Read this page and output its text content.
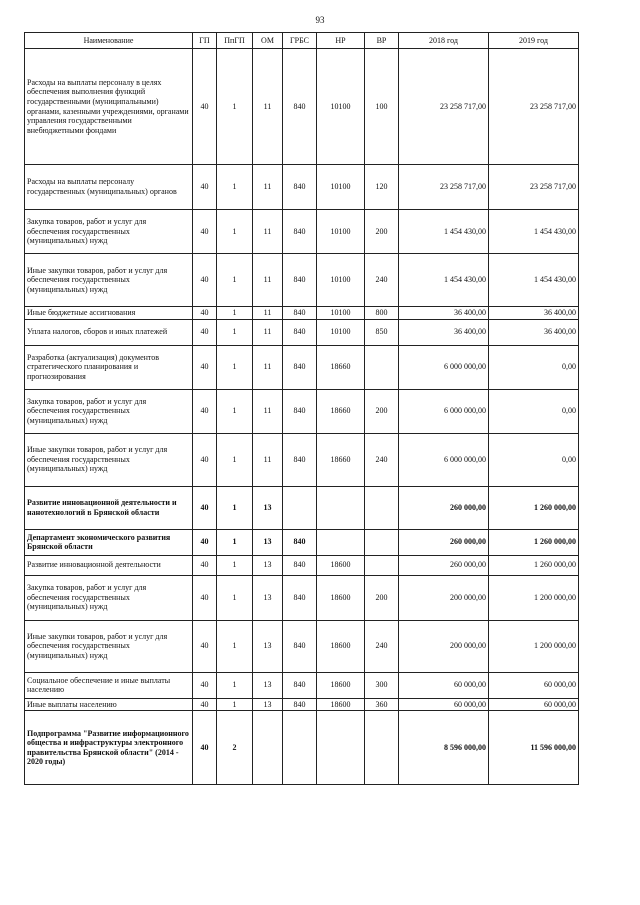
93
Наименование	ГП	ПпГП	ОМ	ГРБС	НР	ВР	2018 год	2019 год
Расходы на выплаты персоналу в целях обеспечения выполнения функций государственными (муниципальными) органами, казенными учреждениями, органами управления государственными внебюджетными фондами	40	1	11	840	10100	100	23 258 717,00	23 258 717,00
Расходы на выплаты персоналу государственных (муниципальных) органов	40	1	11	840	10100	120	23 258 717,00	23 258 717,00
Закупка товаров, работ и услуг для обеспечения государственных (муниципальных) нужд	40	1	11	840	10100	200	1 454 430,00	1 454 430,00
Иные закупки товаров, работ и услуг для обеспечения государственных (муниципальных) нужд	40	1	11	840	10100	240	1 454 430,00	1 454 430,00
Иные бюджетные ассигнования	40	1	11	840	10100	800	36 400,00	36 400,00
Уплата налогов, сборов и иных платежей	40	1	11	840	10100	850	36 400,00	36 400,00
Разработка (актуализация) документов стратегического планирования и прогнозирования	40	1	11	840	18660		6 000 000,00	0,00
Закупка товаров, работ и услуг для обеспечения государственных (муниципальных) нужд	40	1	11	840	18660	200	6 000 000,00	0,00
Иные закупки товаров, работ и услуг для обеспечения государственных (муниципальных) нужд	40	1	11	840	18660	240	6 000 000,00	0,00
Развитие инновационной деятельности и нанотехнологий в Брянской области	40	1	13				260 000,00	1 260 000,00
Департамент экономического развития Брянской области	40	1	13	840			260 000,00	1 260 000,00
Развитие инновационной деятельности	40	1	13	840	18600		260 000,00	1 260 000,00
Закупка товаров, работ и услуг для обеспечения государственных (муниципальных) нужд	40	1	13	840	18600	200	200 000,00	1 200 000,00
Иные закупки товаров, работ и услуг для обеспечения государственных (муниципальных) нужд	40	1	13	840	18600	240	200 000,00	1 200 000,00
Социальное обеспечение и иные выплаты населению	40	1	13	840	18600	300	60 000,00	60 000,00
Иные выплаты населению	40	1	13	840	18600	360	60 000,00	60 000,00
Подпрограмма "Развитие информационного общества и инфраструктуры электронного правительства Брянской области" (2014 - 2020 годы)	40	2					8 596 000,00	11 596 000,00
